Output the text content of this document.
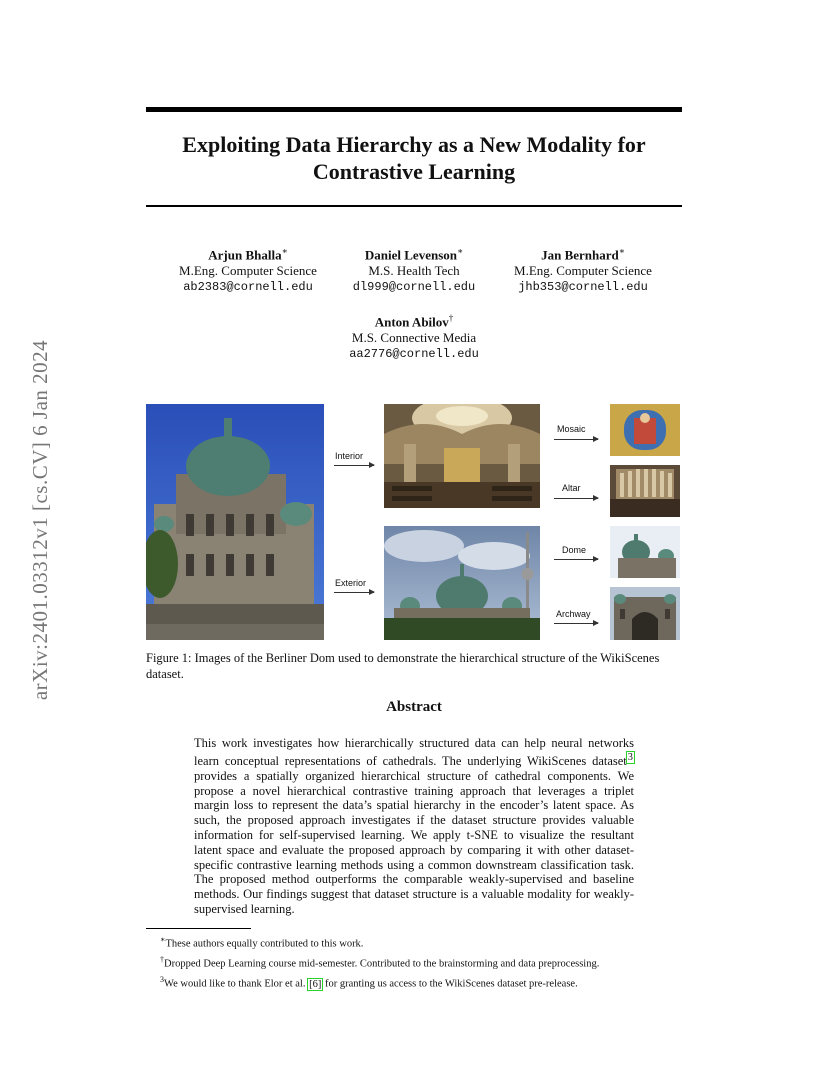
arXiv:2401.03312v1 [cs.CV] 6 Jan 2024
Exploiting Data Hierarchy as a New Modality for
Contrastive Learning
Arjun Bhalla∗
M.Eng. Computer Science
ab2383@cornell.edu
Daniel Levenson∗
M.S. Health Tech
dl999@cornell.edu
Jan Bernhard∗
M.Eng. Computer Science
jhb353@cornell.edu
Anton Abilov†
M.S. Connective Media
aa2776@cornell.edu
Interior
Exterior
Mosaic
Altar
Dome
Archway
Figure 1: Images of the Berliner Dom used to demonstrate the hierarchical structure of the WikiScenes dataset.
Abstract
This work investigates how hierarchically structured data can help neural networks learn conceptual representations of cathedrals. The underlying WikiScenes dataset$^3$ provides a spatially organized hierarchical structure of cathedral components. We propose a novel hierarchical contrastive training approach that leverages a triplet margin loss to represent the data’s spatial hierarchy in the encoder’s latent space. As such, the proposed approach investigates if the dataset structure provides valuable information for self-supervised learning. We apply t-SNE to visualize the resultant latent space and evaluate the proposed approach by comparing it with other dataset-specific contrastive learning methods using a common downstream classification task. The proposed method outperforms the comparable weakly-supervised and baseline methods. Our findings suggest that dataset structure is a valuable modality for weakly-supervised learning.
∗These authors equally contributed to this work.
†Dropped Deep Learning course mid-semester. Contributed to the brainstorming and data preprocessing.
$^3$We would like to thank Elor et al. [6] for granting us access to the WikiScenes dataset pre-release.
